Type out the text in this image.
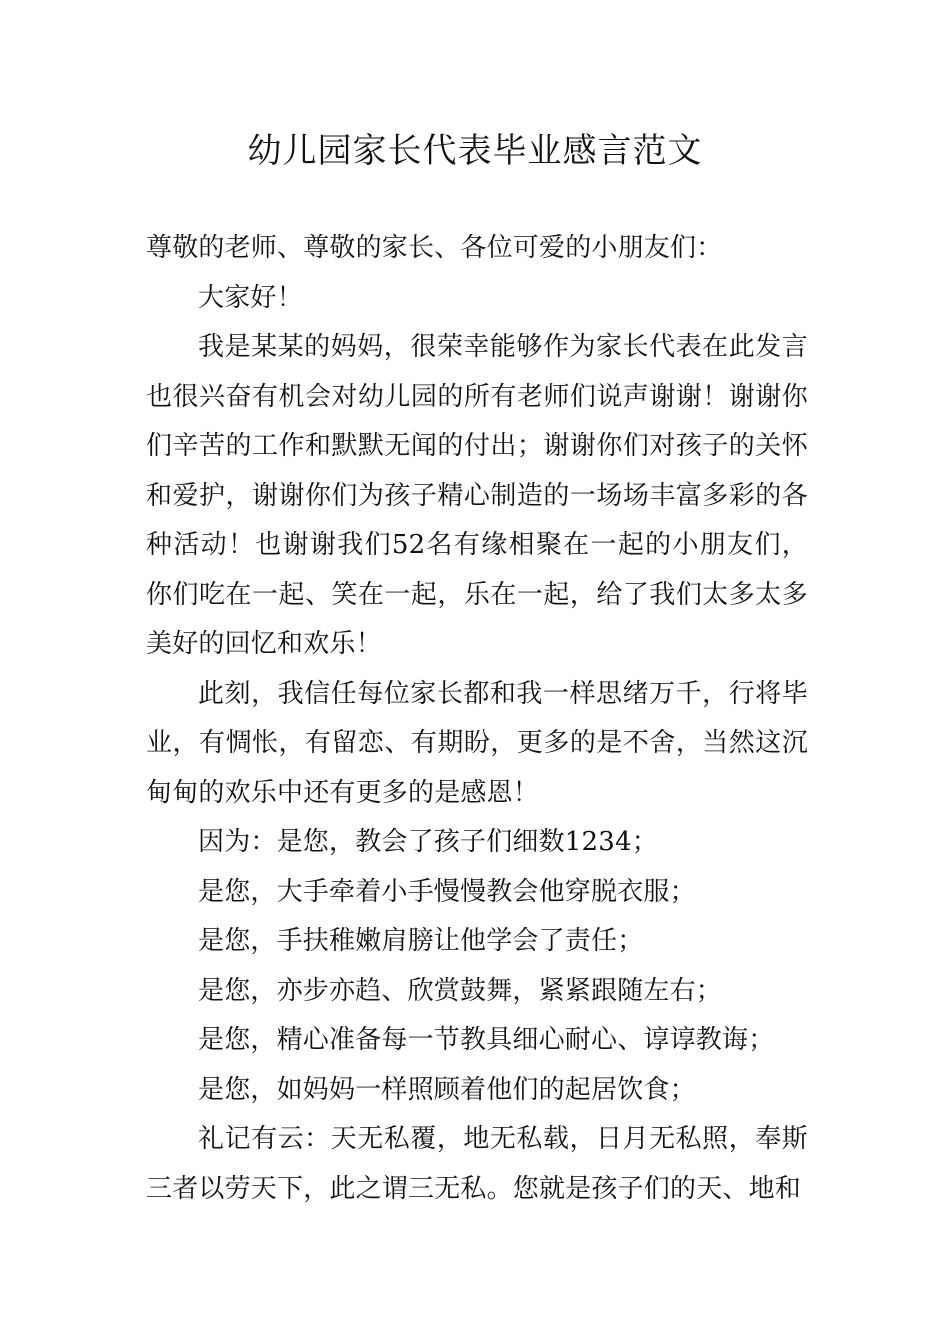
幼儿园家长代表毕业感言范文

尊敬的老师、尊敬的家长、各位可爱的小朋友们：

大家好！

我是某某的妈妈，很荣幸能够作为家长代表在此发言也很兴奋有机会对幼儿园的所有老师们说声谢谢！谢谢你们辛苦的工作和默默无闻的付出；谢谢你们对孩子的关怀和爱护，谢谢你们为孩子精心制造的一场场丰富多彩的各种活动！也谢谢我们52名有缘相聚在一起的小朋友们，你们吃在一起、笑在一起，乐在一起，给了我们太多太多美好的回忆和欢乐！

此刻，我信任每位家长都和我一样思绪万千，行将毕业，有惆怅，有留恋、有期盼，更多的是不舍，当然这沉甸甸的欢乐中还有更多的是感恩！

因为：是您，教会了孩子们细数1234；

是您，大手牵着小手慢慢教会他穿脱衣服；

是您，手扶稚嫩肩膀让他学会了责任；

是您，亦步亦趋、欣赏鼓舞，紧紧跟随左右；

是您，精心准备每一节教具细心耐心、谆谆教诲；

是您，如妈妈一样照顾着他们的起居饮食；

礼记有云：天无私覆，地无私载，日月无私照，奉斯三者以劳天下，此之谓三无私。您就是孩子们的天、地和
